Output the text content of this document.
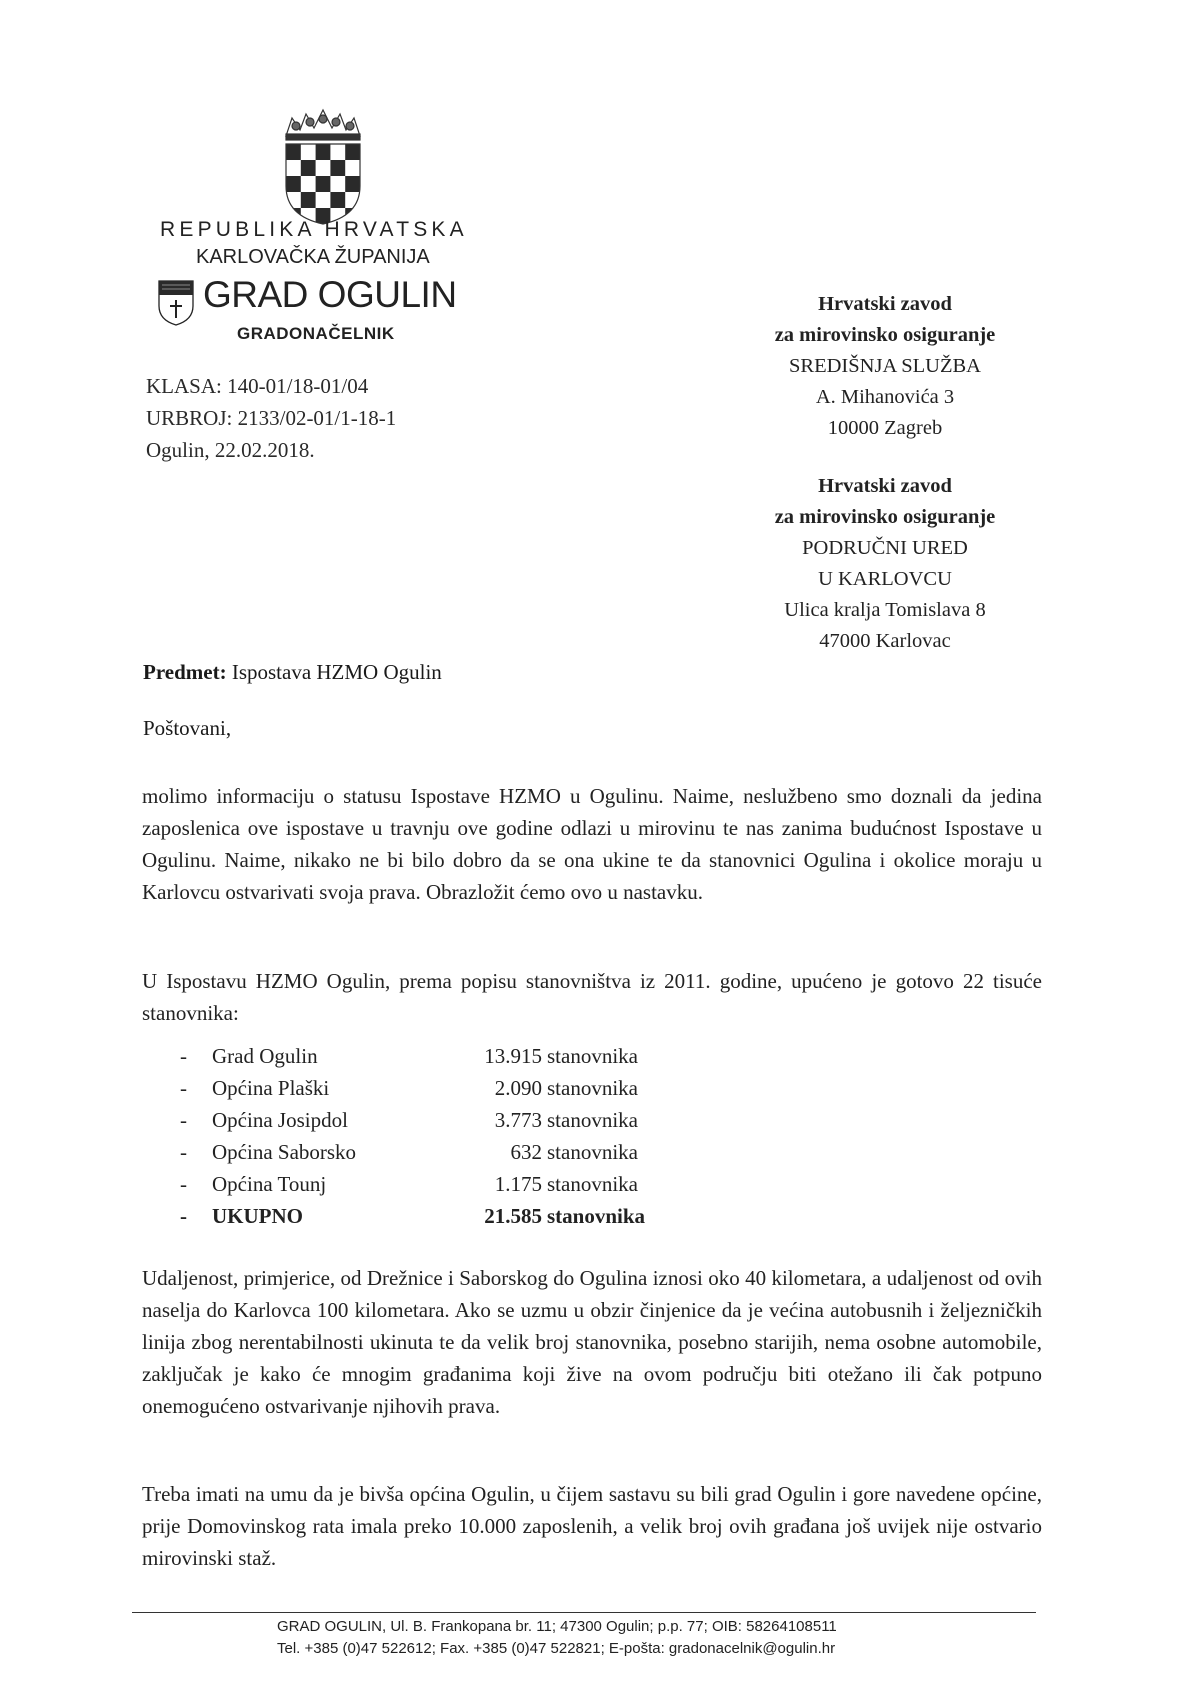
REPUBLIKA HRVATSKA
KARLOVAČKA ŽUPANIJA
GRAD OGULIN
GRADONAČELNIK
KLASA: 140-01/18-01/04
URBROJ: 2133/02-01/1-18-1
Ogulin, 22.02.2018.
Hrvatski zavod
za mirovinsko osiguranje
SREDIŠNJA SLUŽBA
A. Mihanovića 3
10000 Zagreb
Hrvatski zavod
za mirovinsko osiguranje
PODRUČNI URED
U KARLOVCU
Ulica kralja Tomislava 8
47000 Karlovac
Predmet: Ispostava HZMO Ogulin
Poštovani,
molimo informaciju o statusu Ispostave HZMO u Ogulinu. Naime, neslužbeno smo doznali da jedina zaposlenica ove ispostave u travnju ove godine odlazi u mirovinu te nas zanima budućnost Ispostave u Ogulinu. Naime, nikako ne bi bilo dobro da se ona ukine te da stanovnici Ogulina i okolice moraju u Karlovcu ostvarivati svoja prava. Obrazložit ćemo ovo u nastavku.
U Ispostavu HZMO Ogulin, prema popisu stanovništva iz 2011. godine, upućeno je gotovo 22 tisuće stanovnika:
-	Grad Ogulin	13.915 stanovnika
-	Općina Plaški	2.090 stanovnika
-	Općina Josipdol	3.773 stanovnika
-	Općina Saborsko	632 stanovnika
-	Općina Tounj	1.175 stanovnika
-	UKUPNO	21.585 stanovnika
Udaljenost, primjerice, od Drežnice i Saborskog do Ogulina iznosi oko 40 kilometara, a udaljenost od ovih naselja do Karlovca 100 kilometara. Ako se uzmu u obzir činjenice da je većina autobusnih i željezničkih linija zbog nerentabilnosti ukinuta te da velik broj stanovnika, posebno starijih, nema osobne automobile, zaključak je kako će mnogim građanima koji žive na ovom području biti otežano ili čak potpuno onemogućeno ostvarivanje njihovih prava.
Treba imati na umu da je bivša općina Ogulin, u čijem sastavu su bili grad Ogulin i gore navedene općine, prije Domovinskog rata imala preko 10.000 zaposlenih, a velik broj ovih građana još uvijek nije ostvario mirovinski staž.
GRAD OGULIN, Ul. B. Frankopana br. 11; 47300 Ogulin; p.p. 77; OIB: 58264108511
Tel. +385 (0)47 522612; Fax. +385 (0)47 522821; E-pošta: gradonacelnik@ogulin.hr
